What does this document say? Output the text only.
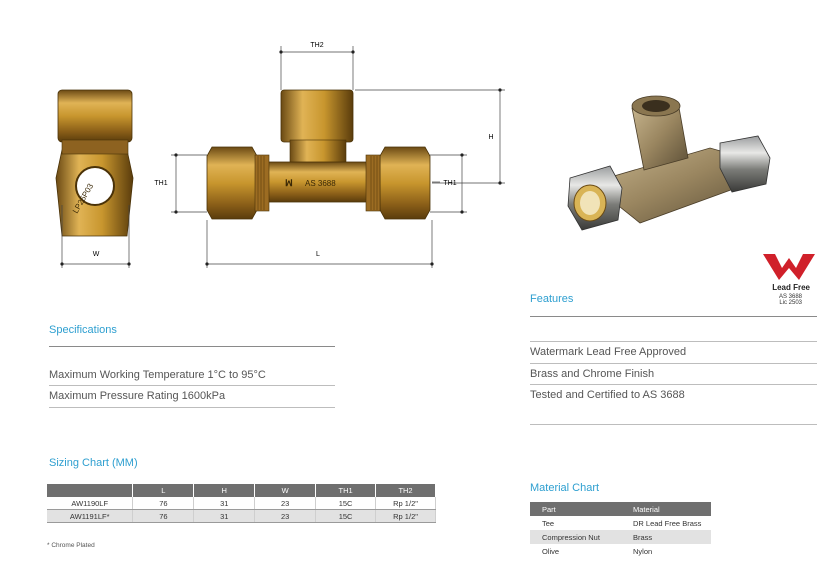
LP25P03
W
ꟽ AS 3688
TH2
H
TH1	TH1
L
Lead Free
AS 3688
Lic 2503
Features
Watermark Lead Free Approved
Brass and Chrome Finish
Tested and Certified to AS 3688
Specifications
Maximum Working Temperature 1°C to 95°C
Maximum Pressure Rating 1600kPa
Sizing Chart (MM)
	L	H	W	TH1	TH2
AW1190LF	76	31	23	15C	Rp 1/2"
AW1191LF*	76	31	23	15C	Rp 1/2"
* Chrome Plated
Material Chart
Part	Material
Tee	DR Lead Free Brass
Compression Nut	Brass
Olive	Nylon
